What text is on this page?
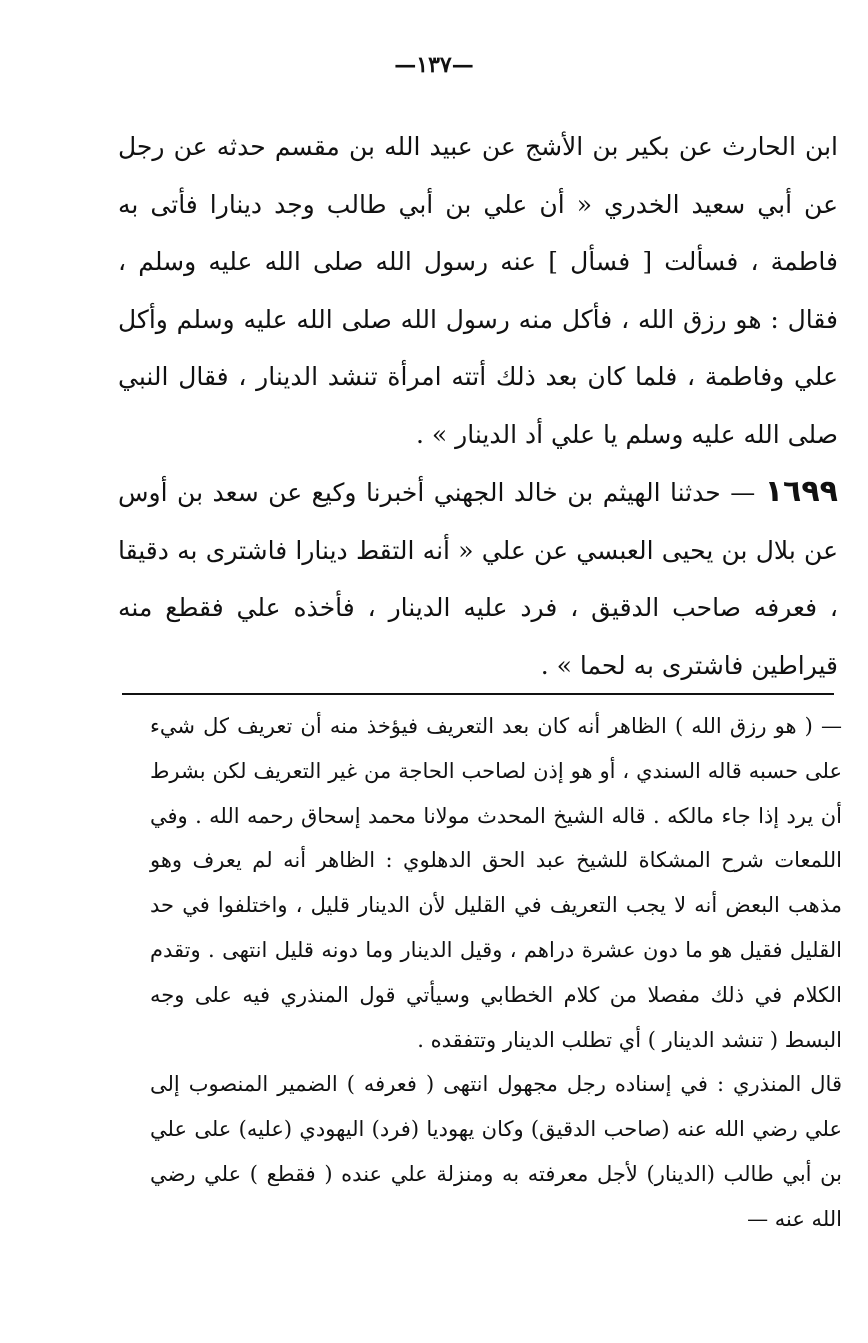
—١٣٧—

ابن الحارث عن بكير بن الأشج عن عبيد الله بن مقسم حدثه عن رجل عن أبي سعيد الخدري « أن علي بن أبي طالب وجد دينارا فأتى به فاطمة ، فسألت [ فسأل ] عنه رسول الله صلى الله عليه وسلم ، فقال : هو رزق الله ، فأكل منه رسول الله صلى الله عليه وسلم وأكل علي وفاطمة ، فلما كان بعد ذلك أتته امرأة تنشد الدينار ، فقال النبي صلى الله عليه وسلم يا علي أد الدينار » .

١٦٩٩ — حدثنا الهيثم بن خالد الجهني أخبرنا وكيع عن سعد بن أوس عن بلال بن يحيى العبسي عن علي « أنه التقط دينارا فاشترى به دقيقا ، فعرفه صاحب الدقيق ، فرد عليه الدينار ، فأخذه علي فقطع منه قيراطين فاشترى به لحما » .

— ( هو رزق الله ) الظاهر أنه كان بعد التعريف فيؤخذ منه أن تعريف كل شيء على حسبه قاله السندي ، أو هو إذن لصاحب الحاجة من غير التعريف لكن بشرط أن يرد إذا جاء مالكه . قاله الشيخ المحدث مولانا محمد إسحاق رحمه الله . وفي اللمعات شرح المشكاة للشيخ عبد الحق الدهلوي : الظاهر أنه لم يعرف وهو مذهب البعض أنه لا يجب التعريف في القليل لأن الدينار قليل ، واختلفوا في حد القليل فقيل هو ما دون عشرة دراهم ، وقيل الدينار وما دونه قليل انتهى . وتقدم الكلام في ذلك مفصلا من كلام الخطابي وسيأتي قول المنذري فيه على وجه البسط ( تنشد الدينار ) أي تطلب الدينار وتتفقده .

قال المنذري : في إسناده رجل مجهول انتهى ( فعرفه ) الضمير المنصوب إلى علي رضي الله عنه (صاحب الدقيق) وكان يهوديا (فرد) اليهودي (عليه) على علي بن أبي طالب (الدينار) لأجل معرفته به ومنزلة علي عنده ( فقطع ) علي رضي الله عنه —
